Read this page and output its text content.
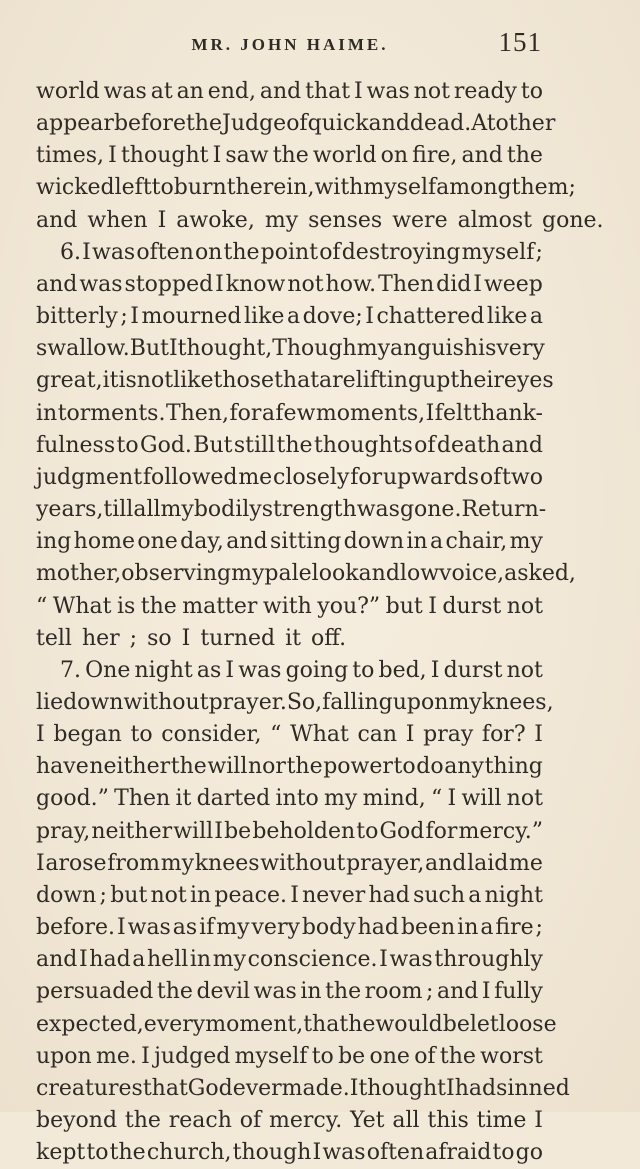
MR. JOHN HAIME.	151
world was at an end, and that I was not ready to
appear before the Judge of quick and dead. At other
times, I thought I saw the world on fire, and the
wicked left to burn therein, with myself among them ;
and when I awoke, my senses were almost gone.
6. I was often on the point of destroying myself ;
and was stopped I know not how. Then did I weep
bitterly ; I mourned like a dove; I chattered like a
swallow. But I thought, Though my anguish is very
great, it is not like those that are lifting up their eyes
in torments. Then, for a few moments, I felt thank-
fulness to God. But still the thoughts of death and
judgment followed me closely for upwards of two
years, till all my bodily strength was gone. Return-
ing home one day, and sitting down in a chair, my
mother, observing my pale look and low voice, asked,
“ What is the matter with you?” but I durst not
tell her ; so I turned it off.
7. One night as I was going to bed, I durst not
lie down without prayer. So, falling upon my knees,
I began to consider, “ What can I pray for? I
have neither the will nor the power to do any thing
good.” Then it darted into my mind, “ I will not
pray, neither will I be beholden to God for mercy.”
I arose from my knees without prayer, and laid me
down ; but not in peace. I never had such a night
before. I was as if my very body had been in a fire ;
and I had a hell in my conscience. I was throughly
persuaded the devil was in the room ; and I fully
expected, every moment, that he would be let loose
upon me. I judged myself to be one of the worst
creatures that God ever made. I thought I had sinned
beyond the reach of mercy. Yet all this time I
kept to the church, though I was often afraid to go
